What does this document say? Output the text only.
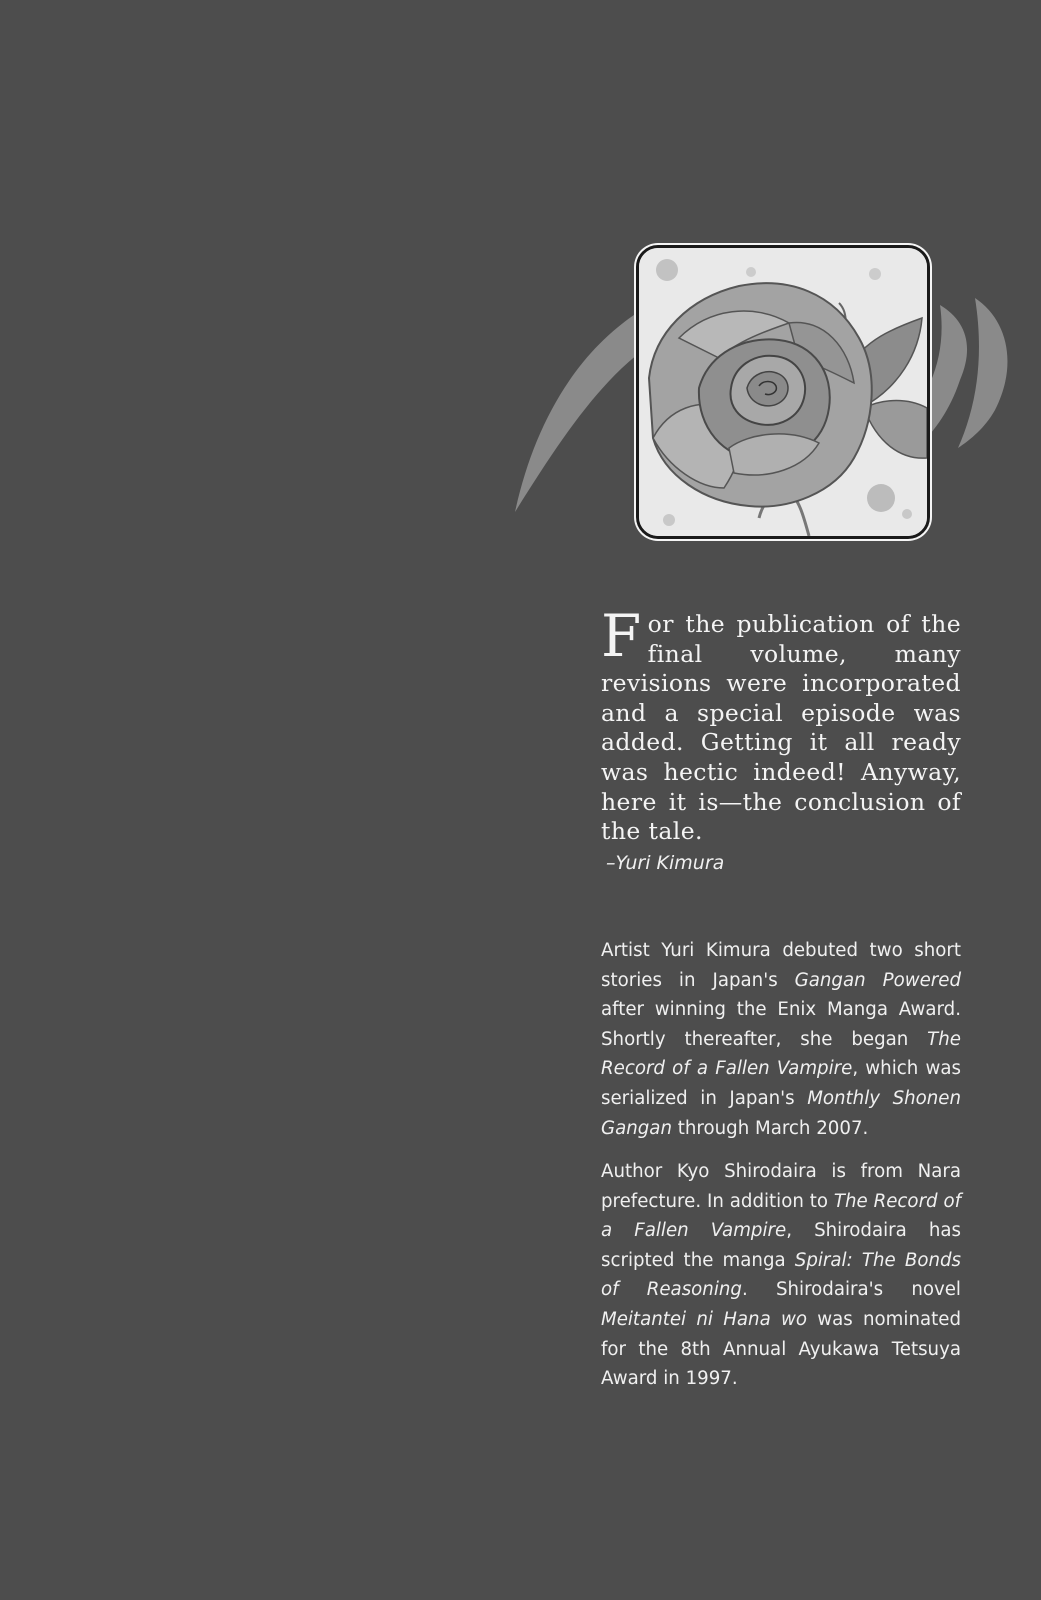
For the publication of the final volume, many revisions were incorporated and a special episode was added. Getting it all ready was hectic indeed! Anyway, here it is—the conclusion of the tale.

–Yuri Kimura

Artist Yuri Kimura debuted two short stories in Japan's Gangan Powered after winning the Enix Manga Award. Shortly thereafter, she began The Record of a Fallen Vampire, which was serialized in Japan's Monthly Shonen Gangan through March 2007.

Author Kyo Shirodaira is from Nara prefecture. In addition to The Record of a Fallen Vampire, Shirodaira has scripted the manga Spiral: The Bonds of Reasoning. Shirodaira's novel Meitantei ni Hana wo was nominated for the 8th Annual Ayukawa Tetsuya Award in 1997.
